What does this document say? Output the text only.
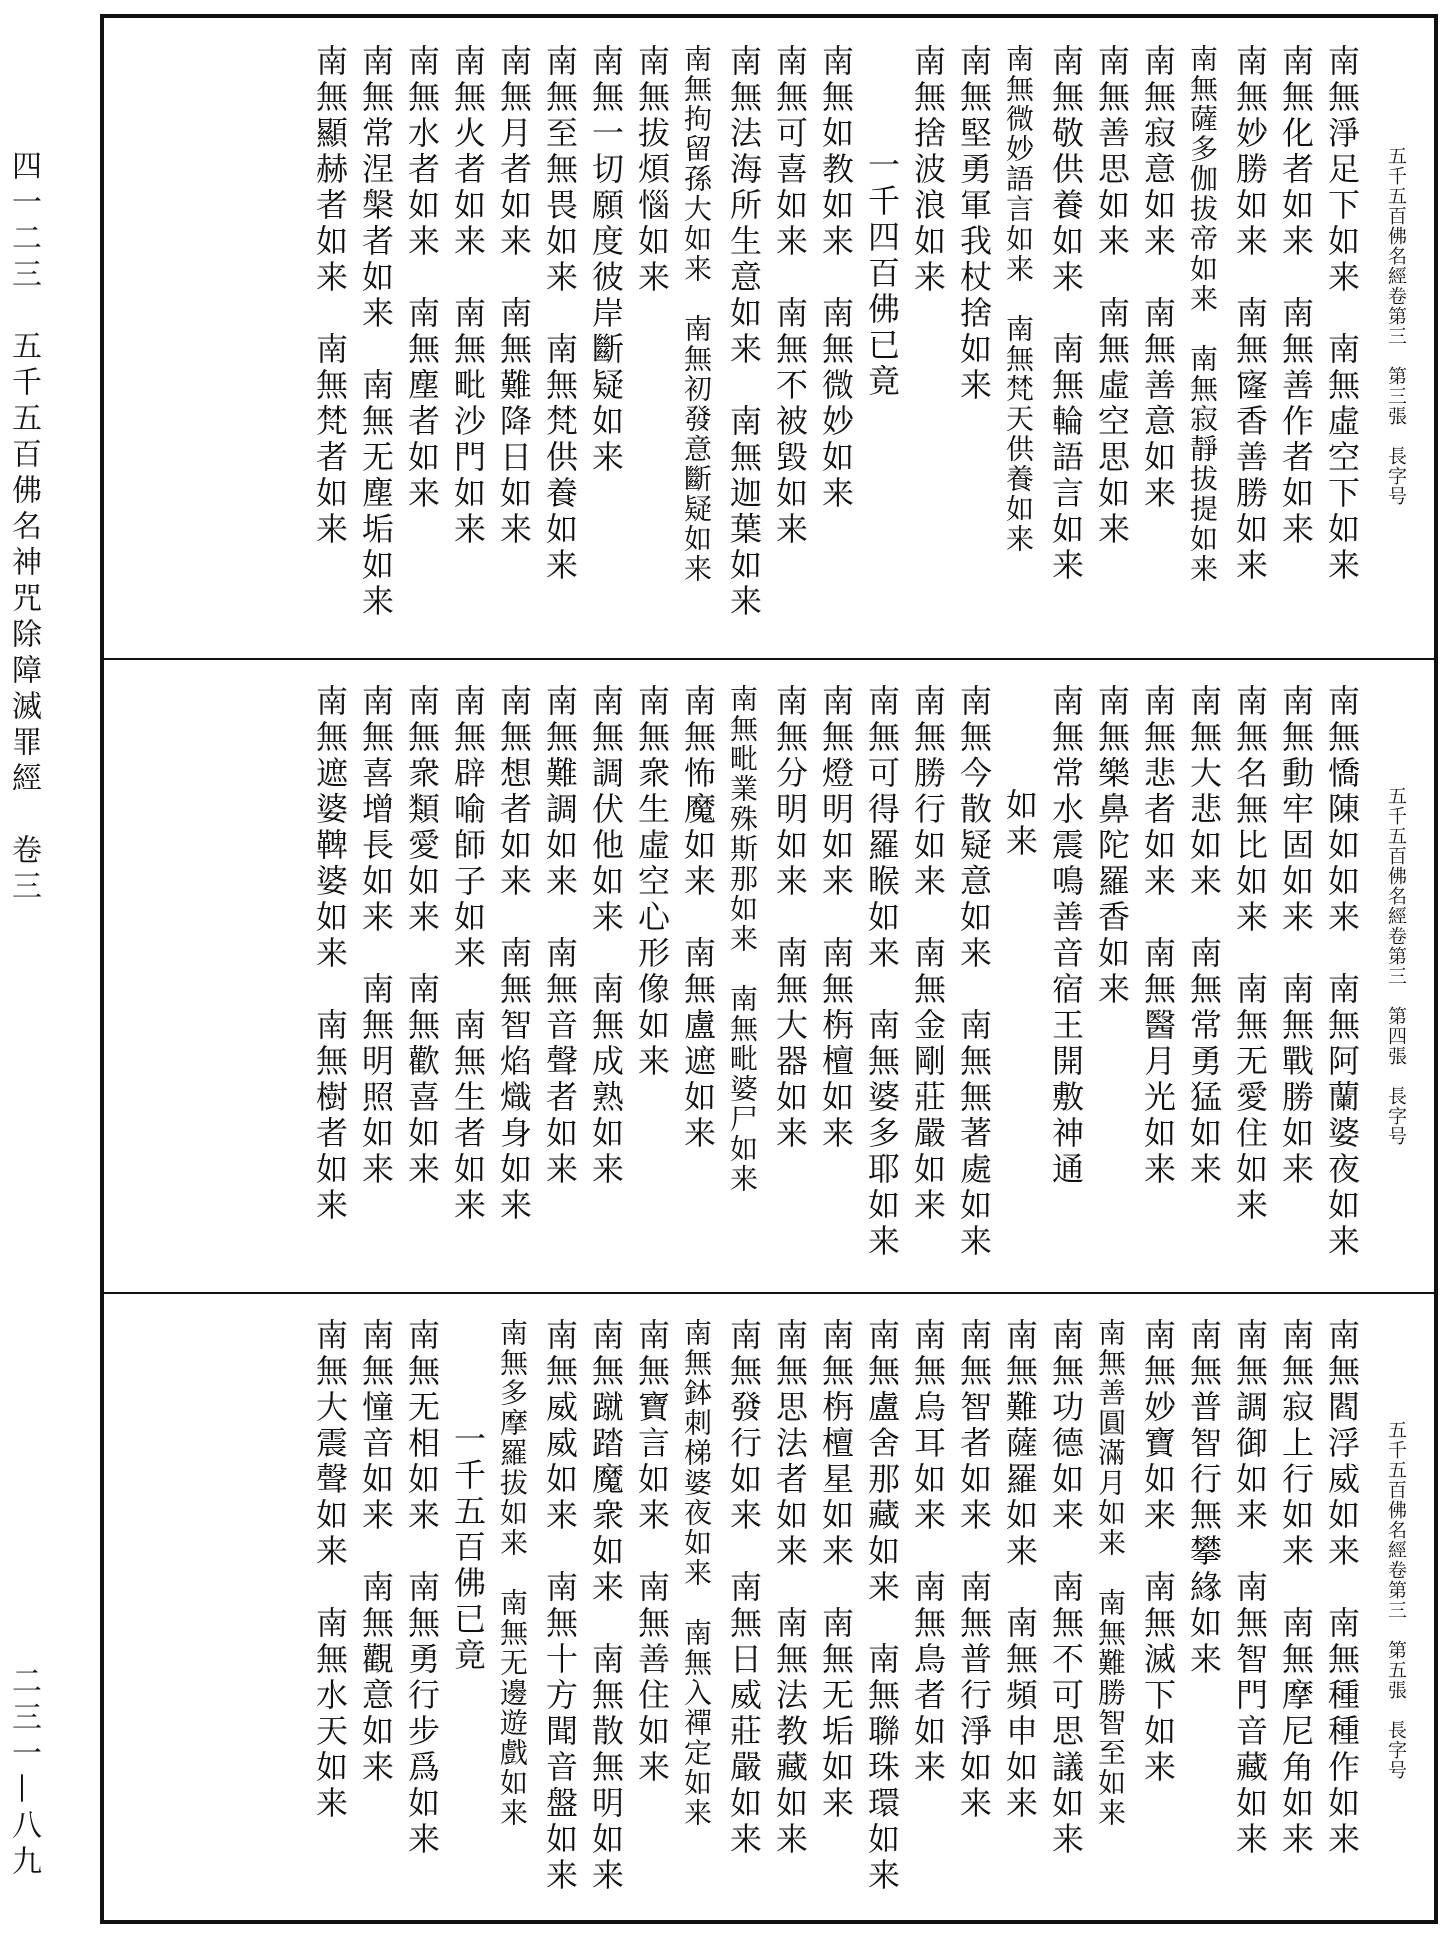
四一二三　五千五百佛名神咒除障滅罪經　卷三
二三一—八九
五千五百佛名經卷第三　第三張　長字号
南無淨足下如来　南無虛空下如来
南無化者如来　南無善作者如来
南無妙勝如来　南無㝫香善勝如来
南無薩多伽拔帝如来　南無寂靜拔提如来
南無寂意如来　南無善意如来
南無善思如来　南無虛空思如来
南無敬供養如来　南無輪語言如来
南無微妙語言如来　南無梵天供養如来
南無堅勇軍我杖捨如来
南無捨波浪如来
一千四百佛已竟
南無如教如来　南無微妙如来
南無可喜如来　南無不被毀如来
南無法海所生意如来　南無迦葉如来
南無拘留孫大如来　南無初發意斷疑如来
南無拔煩惱如来
南無一切願度彼岸斷疑如来
南無至無畏如来　南無梵供養如来
南無月者如来　南無難降日如来
南無火者如来　南無毗沙門如来
南無水者如来　南無塵者如来
南無常涅槃者如来　南無无塵垢如来
南無顯赫者如来　南無梵者如来
五千五百佛名經卷第三　第四張　長字号
南無憍陳如如来　南無阿蘭婆夜如来
南無動牢固如来　南無戰勝如来
南無名無比如来　南無无愛住如来
南無大悲如来　南無常勇猛如来
南無悲者如来　南無醫月光如来
南無樂鼻陀羅香如来
南無常水震鳴善音宿王開敷神通
如来
南無今散疑意如来　南無無著處如来
南無勝行如来　南無金剛莊嚴如来
南無可得羅睺如来　南無婆多耶如来
南無燈明如来　南無栴檀如来
南無分明如来　南無大器如来
南無毗業殊斯那如来　南無毗婆尸如来
南無怖魔如来　南無盧遮如来
南無衆生虛空心形像如来
南無調伏他如来　南無成熟如来
南無難調如来　南無音聲者如来
南無想者如来　南無智焰熾身如来
南無辟喻師子如来　南無生者如来
南無衆類愛如来　南無歡喜如来
南無喜增長如来　南無明照如来
南無遮婆鞞婆如来　南無樹者如来
五千五百佛名經卷第三　第五張　長字号
南無閻浮威如来　南無種種作如来
南無寂上行如来　南無摩尼角如来
南無調御如来　南無智門音藏如来
南無普智行無攀緣如来
南無妙寶如来　南無滅下如来
南無善圓滿月如来　南無難勝智至如来
南無功德如来　南無不可思議如来
南無難薩羅如来　南無頻申如来
南無智者如来　南無普行淨如来
南無烏耳如来　南無鳥者如来
南無盧舍那藏如来　南無聯珠環如来
南無栴檀星如来　南無无垢如来
南無思法者如来　南無法教藏如来
南無發行如来　南無日威莊嚴如来
南無鉢刺梯婆夜如来　南無入禪定如来
南無寶言如来　南無善住如来
南無蹴踏魔衆如来　南無散無明如来
南無威威如来　南無十方聞音盤如来
南無多摩羅拔如来　南無无邊遊戲如来
一千五百佛已竟
南無无相如来　南無勇行步爲如来
南無憧音如来　南無觀意如来
南無大震聲如来　南無水天如来
